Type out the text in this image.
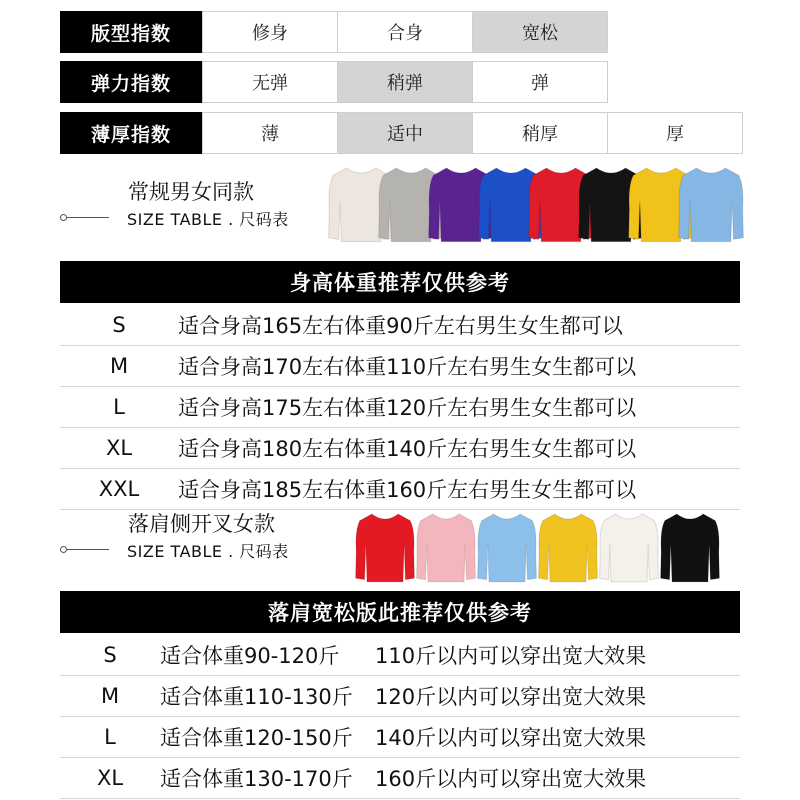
版型指数	修身	合身	宽松
弹力指数	无弹	稍弹	弹
薄厚指数	薄	适中	稍厚	厚
常规男女同款
SIZE TABLE . 尺码表
身高体重推荐仅供参考
S	适合身高165左右体重90斤左右男生女生都可以
M	适合身高170左右体重110斤左右男生女生都可以
L	适合身高175左右体重120斤左右男生女生都可以
XL	适合身高180左右体重140斤左右男生女生都可以
XXL	适合身高185左右体重160斤左右男生女生都可以
落肩侧开叉女款
SIZE TABLE . 尺码表
落肩宽松版此推荐仅供参考
S	适合体重90-120斤	110斤以内可以穿出宽大效果
M	适合体重110-130斤	120斤以内可以穿出宽大效果
L	适合体重120-150斤	140斤以内可以穿出宽大效果
XL	适合体重130-170斤	160斤以内可以穿出宽大效果
